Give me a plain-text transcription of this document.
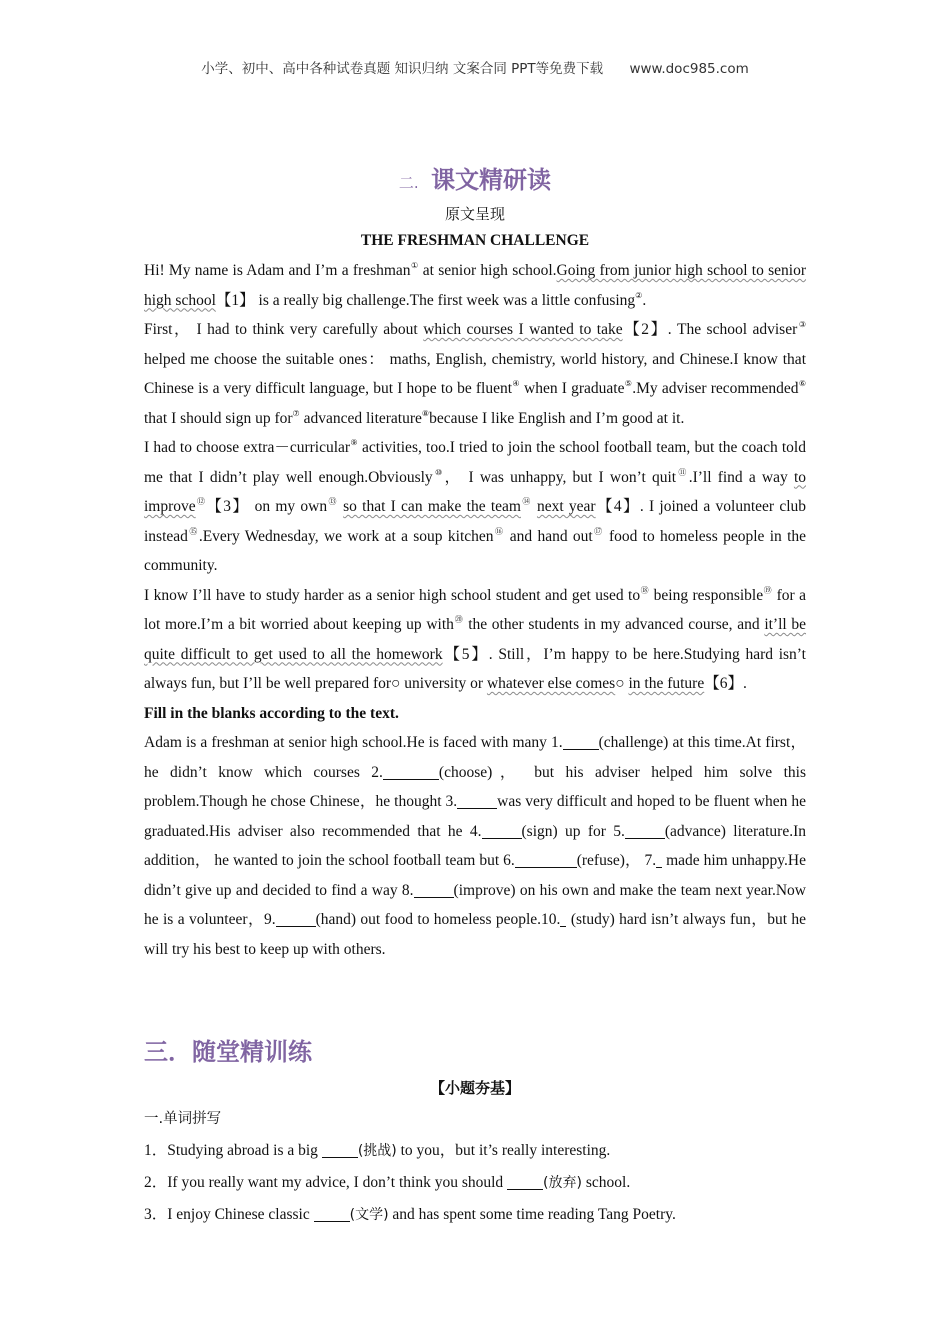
小学、初中、高中各种试卷真题 知识归纳 文案合同 PPT等免费下载 www.doc985.com
二. 课文精研读
原文呈现
THE FRESHMAN CHALLENGE

Hi! My name is Adam and I’m a freshman① at senior high school.Going from junior high school to senior high school【1】 is a really big challenge.The first week was a little confusing②.

First， I had to think very carefully about which courses I wanted to take【2】. The school adviser③ helped me choose the suitable ones： maths, English, chemistry, world history, and Chinese.I know that Chinese is a very difficult language, but I hope to be fluent④ when I graduate⑤.My adviser recommended⑥ that I should sign up for⑦ advanced literature⑧because I like English and I’m good at it.

I had to choose extra－curricular⑨ activities, too.I tried to join the school football team, but the coach told me that I didn’t play well enough.Obviously⑩， I was unhappy, but I won’t quit⑪.I’ll find a way to improve⑫【3】 on my own⑬ so that I can make the team⑭ next year【4】. I joined a volunteer club instead⑮.Every Wednesday, we work at a soup kitchen⑯ and hand out⑰ food to homeless people in the community.

I know I’ll have to study harder as a senior high school student and get used to⑱ being responsible⑲ for a lot more.I’m a bit worried about keeping up with⑳ the other students in my advanced course, and it’ll be quite difficult to get used to all the homework【5】. Still，I’m happy to be here.Studying hard isn’t always fun, but I’ll be well prepared for○ university or whatever else comes○ in the future【6】.

Fill in the blanks according to the text.

Adam is a freshman at senior high school.He is faced with many 1. (challenge) at this time.At first， he didn’t know which courses 2.	(choose)， but his adviser helped him solve this problem.Though he chose Chinese，he thought 3.	was very difficult and hoped to be fluent when he graduated.His adviser also recommended that he 4.	(sign) up for 5.	(advance) literature.In addition， he wanted to join the school football team but 6.	(refuse)， 7. made him unhappy.He didn’t give up and decided to find a way 8.	(improve) on his own and make the team next year.Now he is a volunteer，9.	(hand) out food to homeless people.10. (study) hard isn’t always fun，but he will try his best to keep up with others.

三．随堂精训练
【小题夯基】

一.单词拼写

1．Studying abroad is a big	(挑战) to you，but it’s really interesting.

2．If you really want my advice, I don’t think you should	(放弃) school.

3．I enjoy Chinese classic	(文学) and has spent some time reading Tang Poetry.
